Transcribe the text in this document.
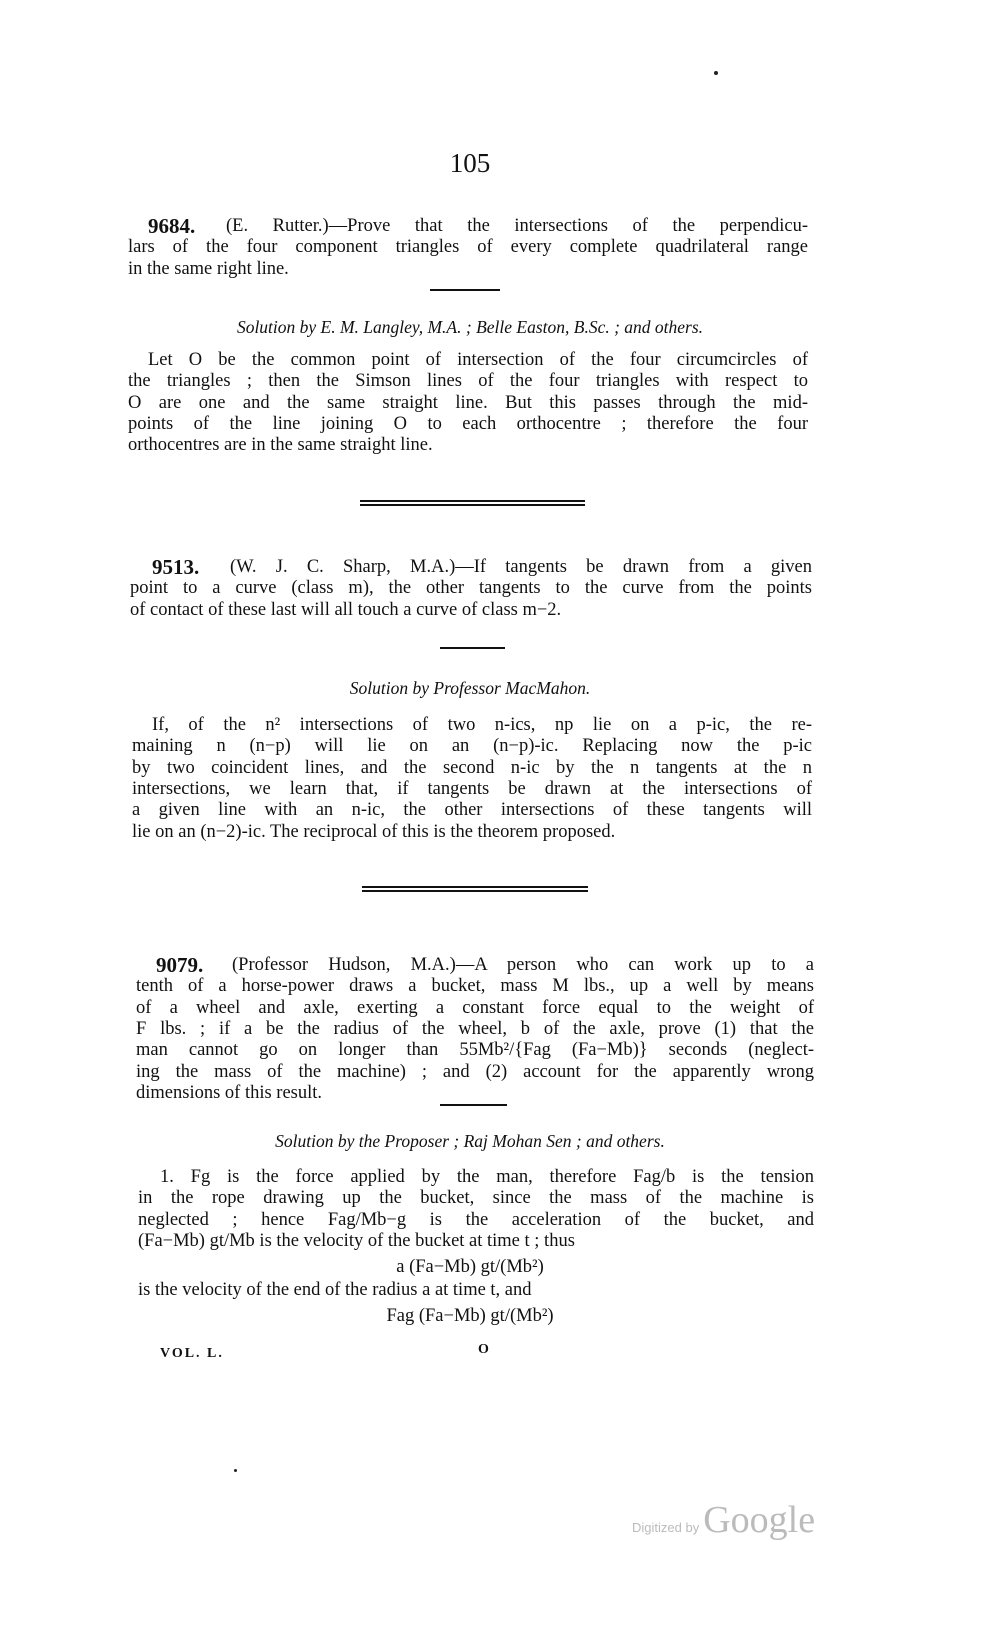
105
9684. (E. Rutter.)—Prove that the intersections of the perpendicu-
lars of the four component triangles of every complete quadrilateral range
in the same right line.
Solution by E. M. Langley, M.A. ; Belle Easton, B.Sc. ; and others.
Let O be the common point of intersection of the four circumcircles of
the triangles ; then the Simson lines of the four triangles with respect to
O are one and the same straight line. But this passes through the mid-
points of the line joining O to each orthocentre ; therefore the four
orthocentres are in the same straight line.
9513. (W. J. C. Sharp, M.A.)—If tangents be drawn from a given
point to a curve (class m), the other tangents to the curve from the points
of contact of these last will all touch a curve of class m−2.
Solution by Professor MacMahon.
If, of the n² intersections of two n-ics, np lie on a p-ic, the re-
maining n (n−p) will lie on an (n−p)-ic. Replacing now the p-ic
by two coincident lines, and the second n-ic by the n tangents at the n
intersections, we learn that, if tangents be drawn at the intersections of
a given line with an n-ic, the other intersections of these tangents will
lie on an (n−2)-ic. The reciprocal of this is the theorem proposed.
9079. (Professor Hudson, M.A.)—A person who can work up to a
tenth of a horse-power draws a bucket, mass M lbs., up a well by means
of a wheel and axle, exerting a constant force equal to the weight of
F lbs. ; if a be the radius of the wheel, b of the axle, prove (1) that the
man cannot go on longer than 55Mb²/{Fag (Fa−Mb)} seconds (neglect-
ing the mass of the machine) ; and (2) account for the apparently wrong
dimensions of this result.
Solution by the Proposer ; Raj Mohan Sen ; and others.
1. Fg is the force applied by the man, therefore Fag/b is the tension
in the rope drawing up the bucket, since the mass of the machine is
neglected ; hence Fag/Mb−g is the acceleration of the bucket, and
(Fa−Mb) gt/Mb is the velocity of the bucket at time t ; thus
a (Fa−Mb) gt/(Mb²)
is the velocity of the end of the radius a at time t, and
Fag (Fa−Mb) gt/(Mb²)
VOL. L.	O
Digitized by Google
